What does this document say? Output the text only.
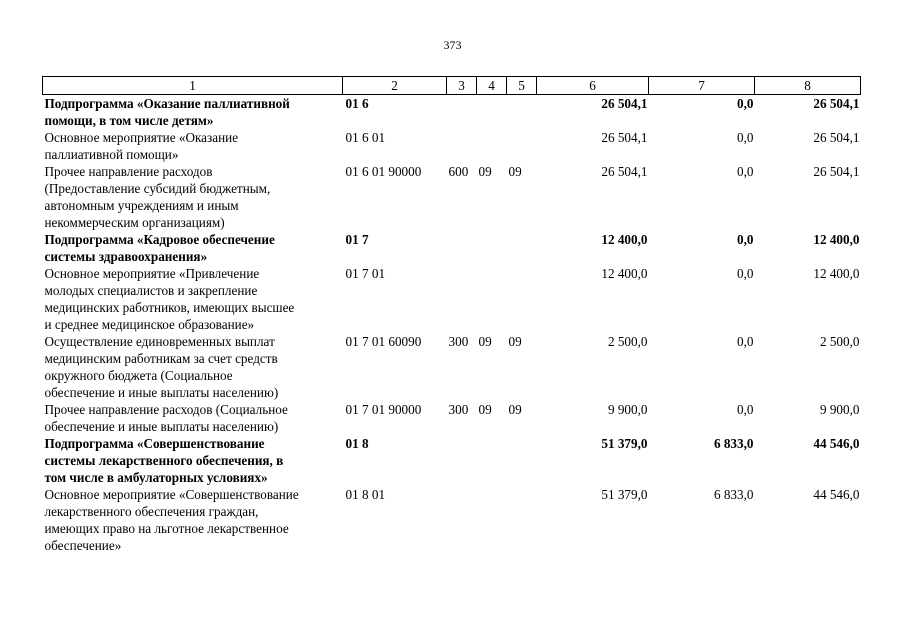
373
1	2	3	4	5	6	7	8
Подпрограмма «Оказание паллиативной
помощи, в том числе детям»	01 6				26 504,1	0,0	26 504,1
Основное мероприятие «Оказание
паллиативной помощи»	01 6 01				26 504,1	0,0	26 504,1
Прочее направление расходов
(Предоставление субсидий бюджетным,
автономным учреждениям и иным
некоммерческим организациям)	01 6 01 90000	600	09	09	26 504,1	0,0	26 504,1
Подпрограмма «Кадровое обеспечение
системы здравоохранения»	01 7				12 400,0	0,0	12 400,0
Основное мероприятие «Привлечение
молодых специалистов и закрепление
медицинских работников, имеющих высшее
и среднее медицинское образование»	01 7 01				12 400,0	0,0	12 400,0
Осуществление единовременных выплат
медицинским работникам за счет средств
окружного бюджета (Социальное
обеспечение и иные выплаты населению)	01 7 01 60090	300	09	09	2 500,0	0,0	2 500,0
Прочее направление расходов (Социальное
обеспечение и иные выплаты населению)	01 7 01 90000	300	09	09	9 900,0	0,0	9 900,0
Подпрограмма «Совершенствование
системы лекарственного обеспечения, в
том числе в амбулаторных условиях»	01 8				51 379,0	6 833,0	44 546,0
Основное мероприятие «Совершенствование
лекарственного обеспечения граждан,
имеющих право на льготное лекарственное
обеспечение»	01 8 01				51 379,0	6 833,0	44 546,0
